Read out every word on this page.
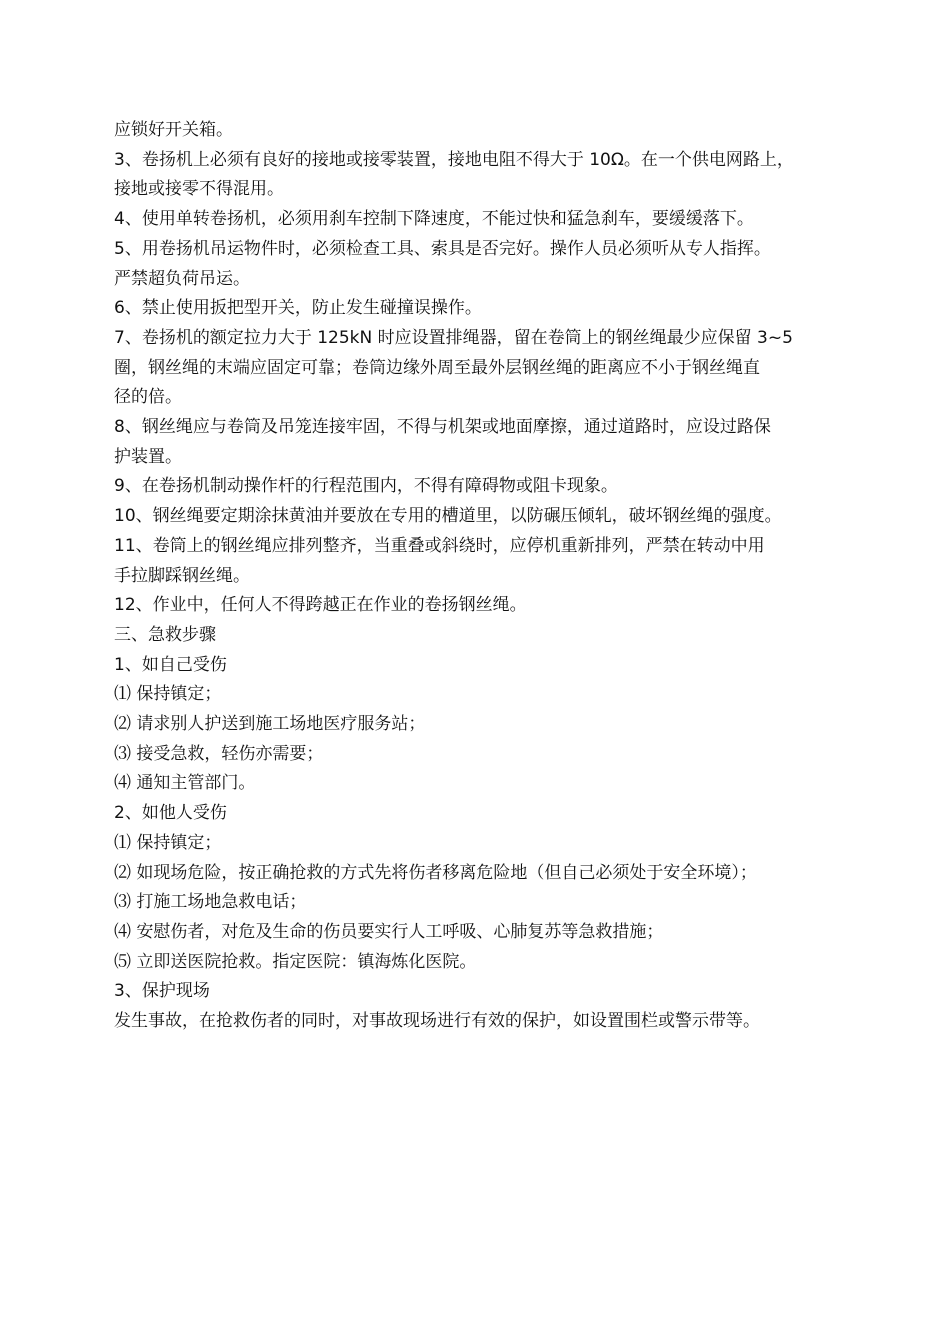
应锁好开关箱。

3、卷扬机上必须有良好的接地或接零装置，接地电阻不得大于 10Ω。在一个供电网路上，

接地或接零不得混用。

4、使用单转卷扬机，必须用刹车控制下降速度，不能过快和猛急刹车，要缓缓落下。

5、用卷扬机吊运物件时，必须检查工具、索具是否完好。操作人员必须听从专人指挥。

严禁超负荷吊运。

6、禁止使用扳把型开关，防止发生碰撞误操作。

7、卷扬机的额定拉力大于 125kN 时应设置排绳器，留在卷筒上的钢丝绳最少应保留 3~5

圈，钢丝绳的末端应固定可靠；卷筒边缘外周至最外层钢丝绳的距离应不小于钢丝绳直

径的倍。

8、钢丝绳应与卷筒及吊笼连接牢固，不得与机架或地面摩擦，通过道路时，应设过路保

护装置。

9、在卷扬机制动操作杆的行程范围内，不得有障碍物或阻卡现象。

10、钢丝绳要定期涂抹黄油并要放在专用的槽道里，以防碾压倾轧，破坏钢丝绳的强度。

11、卷筒上的钢丝绳应排列整齐，当重叠或斜绕时，应停机重新排列，严禁在转动中用

手拉脚踩钢丝绳。

12、作业中，任何人不得跨越正在作业的卷扬钢丝绳。

三、急救步骤

1、如自己受伤

⑴ 保持镇定；

⑵ 请求别人护送到施工场地医疗服务站；

⑶ 接受急救，轻伤亦需要；

⑷ 通知主管部门。

2、如他人受伤

⑴ 保持镇定；

⑵ 如现场危险，按正确抢救的方式先将伤者移离危险地（但自己必须处于安全环境）；

⑶ 打施工场地急救电话；

⑷ 安慰伤者，对危及生命的伤员要实行人工呼吸、心肺复苏等急救措施；

⑸ 立即送医院抢救。指定医院：镇海炼化医院。

3、保护现场

发生事故，在抢救伤者的同时，对事故现场进行有效的保护，如设置围栏或警示带等。
